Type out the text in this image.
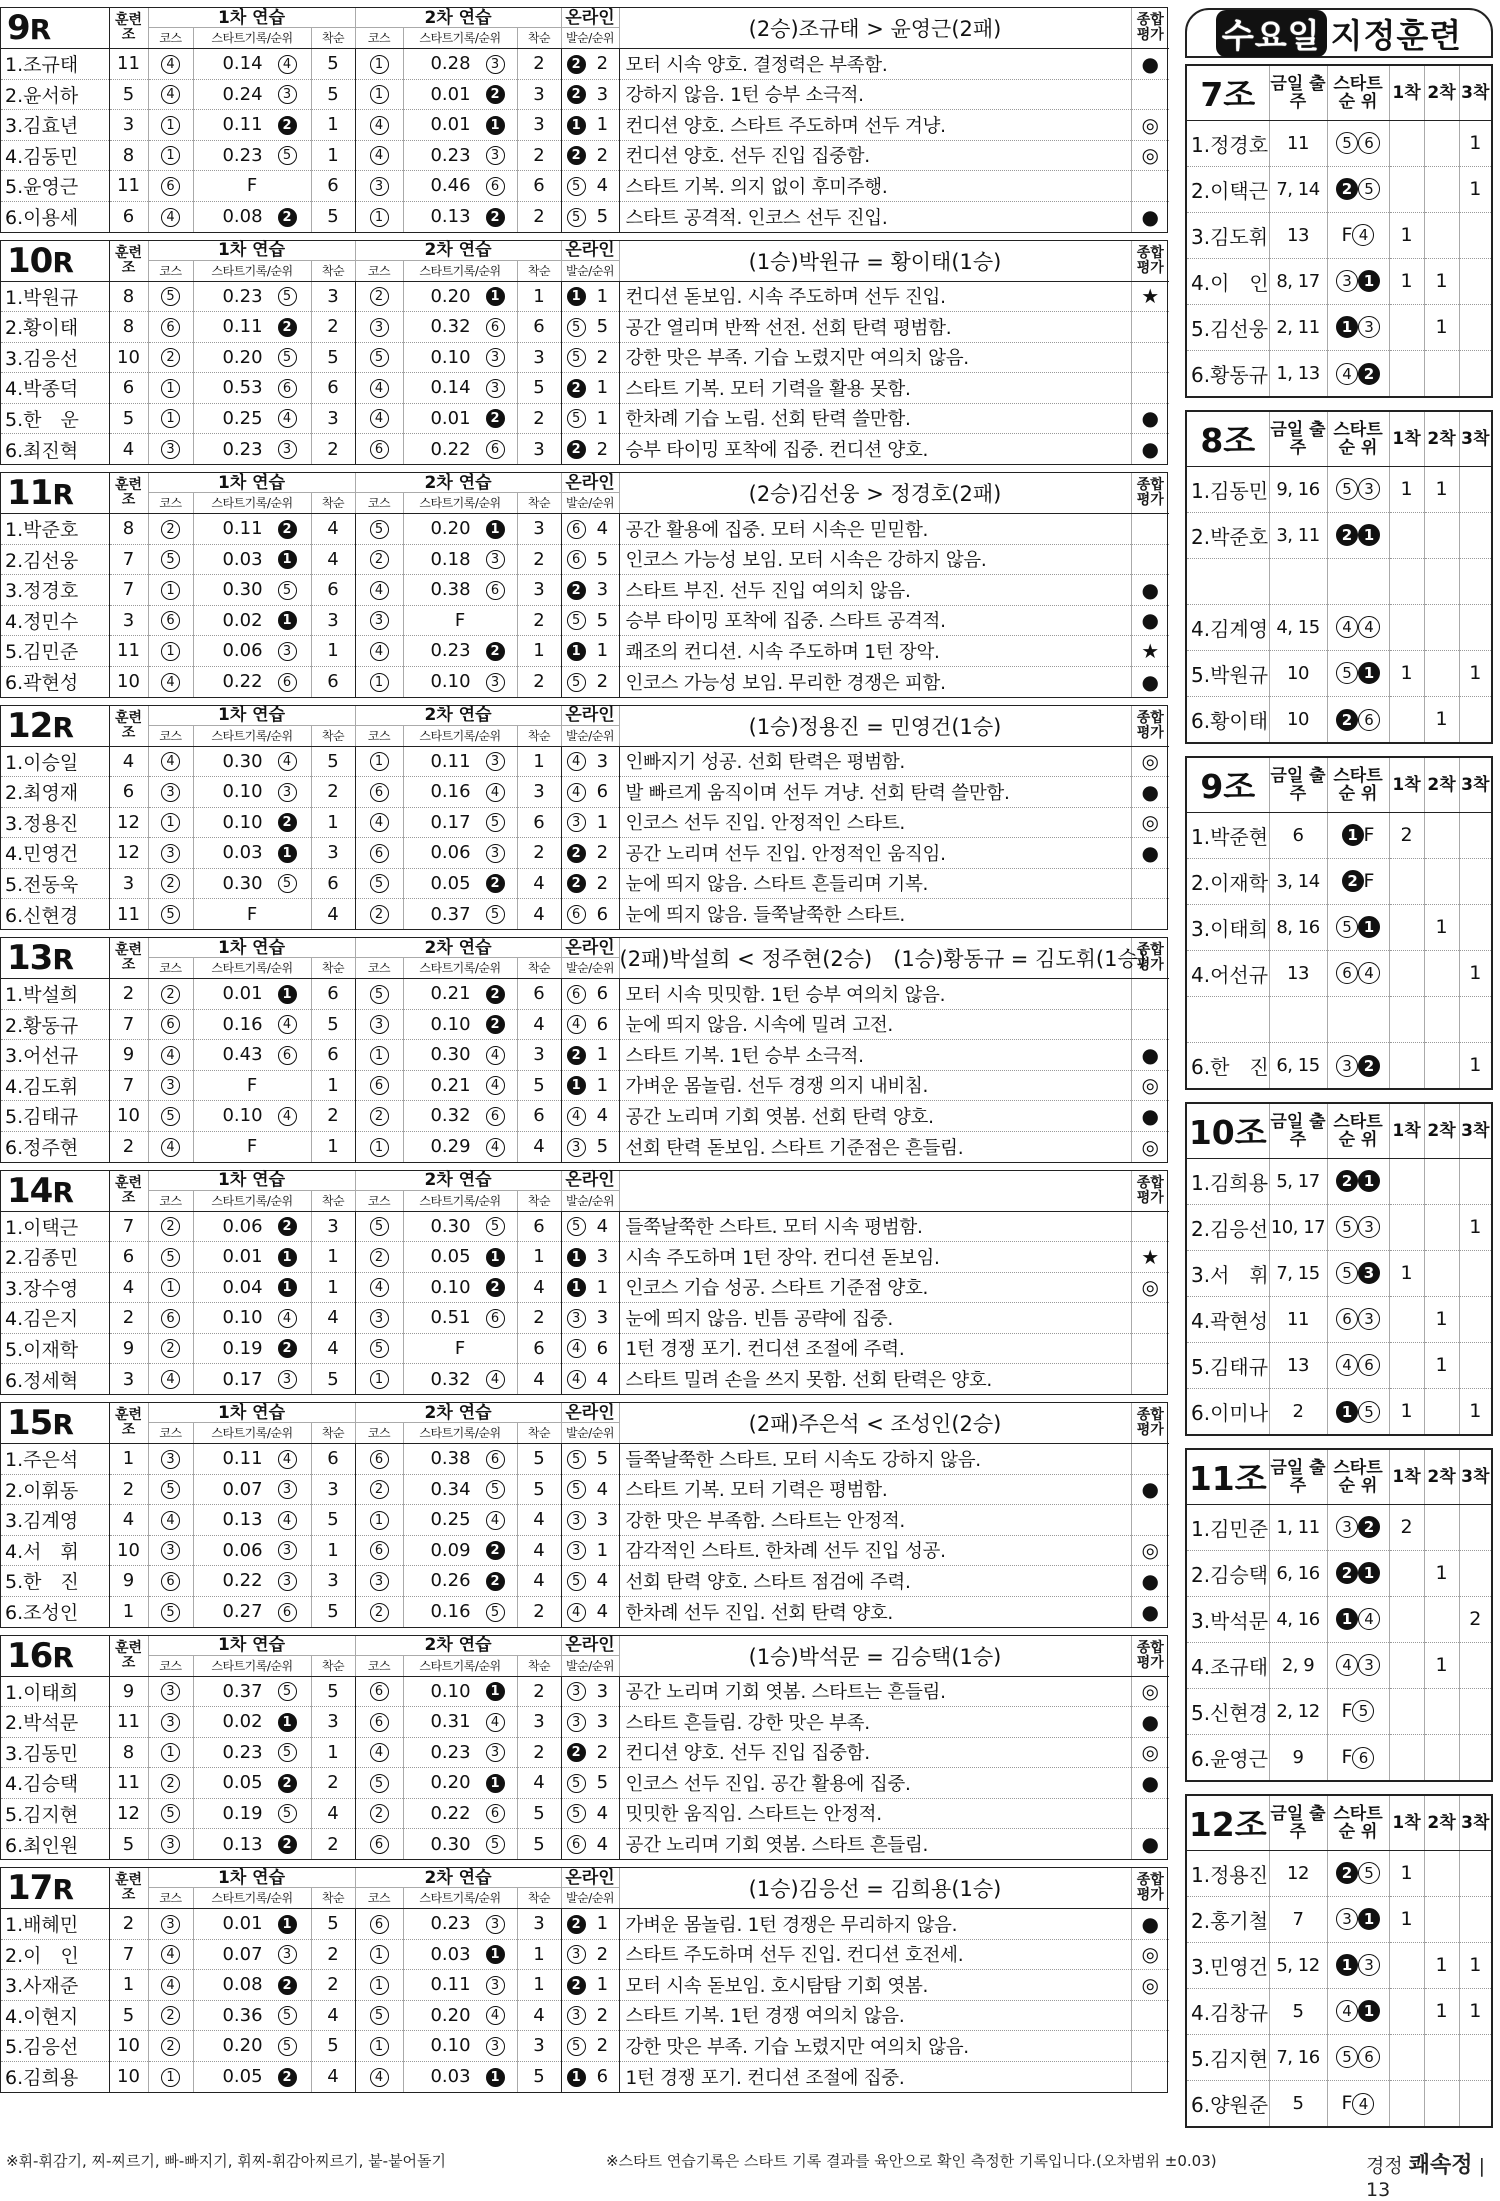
9R	훈련조	1차 연습			2차 연습			온라인	(2승)조규태 > 윤영근(2패)	종합평가
		코스	스타트기록/순위	착순	코스	스타트기록/순위	착순	발순/순위		
1.조규태	11	4	0.14 4	5	1	0.28 3	2	2 2	모터 시속 양호. 결정력은 부족함.	●
2.윤서하	5	4	0.24 3	5	1	0.01 2	3	2 3	강하지 않음. 1턴 승부 소극적.	
3.김효년	3	1	0.11 2	1	4	0.01 1	3	1 1	컨디션 양호. 스타트 주도하며 선두 겨냥.	◎
4.김동민	8	1	0.23 5	1	4	0.23 3	2	2 2	컨디션 양호. 선두 진입 집중함.	◎
5.윤영근	11	6	F	6	3	0.46 6	6	5 4	스타트 기복. 의지 없이 후미주행.	
6.이용세	6	4	0.08 2	5	1	0.13 2	2	5 5	스타트 공격적. 인코스 선두 진입.	●
10R	훈련조	1차 연습			2차 연습			온라인	(1승)박원규 = 황이태(1승)	종합평가
		코스	스타트기록/순위	착순	코스	스타트기록/순위	착순	발순/순위		
1.박원규	8	5	0.23 5	3	2	0.20 1	1	1 1	컨디션 돋보임. 시속 주도하며 선두 진입.	★
2.황이태	8	6	0.11 2	2	3	0.32 6	6	5 5	공간 열리며 반짝 선전. 선회 탄력 평범함.	
3.김응선	10	2	0.20 5	5	5	0.10 3	3	5 2	강한 맛은 부족. 기습 노렸지만 여의치 않음.	
4.박종덕	6	1	0.53 6	6	4	0.14 3	5	2 1	스타트 기복. 모터 기력을 활용 못함.	
5.한　운	5	1	0.25 4	3	4	0.01 2	2	5 1	한차례 기습 노림. 선회 탄력 쓸만함.	●
6.최진혁	4	3	0.23 3	2	6	0.22 6	3	2 2	승부 타이밍 포착에 집중. 컨디션 양호.	●
11R	훈련조	1차 연습			2차 연습			온라인	(2승)김선웅 > 정경호(2패)	종합평가
		코스	스타트기록/순위	착순	코스	스타트기록/순위	착순	발순/순위		
1.박준호	8	2	0.11 2	4	5	0.20 1	3	6 4	공간 활용에 집중. 모터 시속은 믿믿함.	
2.김선웅	7	5	0.03 1	4	2	0.18 3	2	6 5	인코스 가능성 보임. 모터 시속은 강하지 않음.	
3.정경호	7	1	0.30 5	6	4	0.38 6	3	2 3	스타트 부진. 선두 진입 여의치 않음.	●
4.정민수	3	6	0.02 1	3	3	F	2	5 5	승부 타이밍 포착에 집중. 스타트 공격적.	●
5.김민준	11	1	0.06 3	1	4	0.23 2	1	1 1	쾌조의 컨디션. 시속 주도하며 1턴 장악.	★
6.곽현성	10	4	0.22 6	6	1	0.10 3	2	5 2	인코스 가능성 보임. 무리한 경쟁은 피함.	●
12R	훈련조	1차 연습			2차 연습			온라인	(1승)정용진 = 민영건(1승)	종합평가
		코스	스타트기록/순위	착순	코스	스타트기록/순위	착순	발순/순위		
1.이승일	4	4	0.30 4	5	1	0.11 3	1	4 3	인빠지기 성공. 선회 탄력은 평범함.	◎
2.최영재	6	3	0.10 3	2	6	0.16 4	3	4 6	발 빠르게 움직이며 선두 겨냥. 선회 탄력 쓸만함.	●
3.정용진	12	1	0.10 2	1	4	0.17 5	6	3 1	인코스 선두 진입. 안정적인 스타트.	◎
4.민영건	12	3	0.03 1	3	6	0.06 3	2	2 2	공간 노리며 선두 진입. 안정적인 움직임.	●
5.전동욱	3	2	0.30 5	6	5	0.05 2	4	2 2	눈에 띄지 않음. 스타트 흔들리며 기복.	
6.신현경	11	5	F	4	2	0.37 5	4	6 6	눈에 띄지 않음. 들쭉날쭉한 스타트.	
13R	훈련조	1차 연습			2차 연습			온라인	(2패)박설희 < 정주현(2승)　(1승)황동규 = 김도휘(1승)	종합평가
		코스	스타트기록/순위	착순	코스	스타트기록/순위	착순	발순/순위		
1.박설희	2	2	0.01 1	6	5	0.21 2	6	6 6	모터 시속 밋밋함. 1턴 승부 여의치 않음.	
2.황동규	7	6	0.16 4	5	3	0.10 2	4	4 6	눈에 띄지 않음. 시속에 밀려 고전.	
3.어선규	9	4	0.43 6	6	1	0.30 4	3	2 1	스타트 기복. 1턴 승부 소극적.	●
4.김도휘	7	3	F	1	6	0.21 4	5	1 1	가벼운 몸놀림. 선두 경쟁 의지 내비침.	◎
5.김태규	10	5	0.10 4	2	2	0.32 6	6	4 4	공간 노리며 기회 엿봄. 선회 탄력 양호.	●
6.정주현	2	4	F	1	1	0.29 4	4	3 5	선회 탄력 돋보임. 스타트 기준점은 흔들림.	◎
14R	훈련조	1차 연습			2차 연습			온라인		종합평가
		코스	스타트기록/순위	착순	코스	스타트기록/순위	착순	발순/순위		
1.이택근	7	2	0.06 2	3	5	0.30 5	6	5 4	들쭉날쭉한 스타트. 모터 시속 평범함.	
2.김종민	6	5	0.01 1	1	2	0.05 1	1	1 3	시속 주도하며 1턴 장악. 컨디션 돋보임.	★
3.장수영	4	1	0.04 1	1	4	0.10 2	4	1 1	인코스 기습 성공. 스타트 기준점 양호.	◎
4.김은지	2	6	0.10 4	4	3	0.51 6	2	3 3	눈에 띄지 않음. 빈틈 공략에 집중.	
5.이재학	9	2	0.19 2	4	5	F	6	4 6	1턴 경쟁 포기. 컨디션 조절에 주력.	
6.정세혁	3	4	0.17 3	5	1	0.32 4	4	4 4	스타트 밀려 손을 쓰지 못함. 선회 탄력은 양호.	
15R	훈련조	1차 연습			2차 연습			온라인	(2패)주은석 < 조성인(2승)	종합평가
		코스	스타트기록/순위	착순	코스	스타트기록/순위	착순	발순/순위		
1.주은석	1	3	0.11 4	6	6	0.38 6	5	5 5	들쭉날쭉한 스타트. 모터 시속도 강하지 않음.	
2.이휘동	2	5	0.07 3	3	2	0.34 5	5	5 4	스타트 기복. 모터 기력은 평범함.	●
3.김계영	4	4	0.13 4	5	1	0.25 4	4	3 3	강한 맛은 부족함. 스타트는 안정적.	
4.서　휘	10	3	0.06 3	1	6	0.09 2	4	3 1	감각적인 스타트. 한차례 선두 진입 성공.	◎
5.한　진	9	6	0.22 3	3	3	0.26 2	4	5 4	선회 탄력 양호. 스타트 점검에 주력.	●
6.조성인	1	5	0.27 6	5	2	0.16 5	2	4 4	한차례 선두 진입. 선회 탄력 양호.	●
16R	훈련조	1차 연습			2차 연습			온라인	(1승)박석문 = 김승택(1승)	종합평가
		코스	스타트기록/순위	착순	코스	스타트기록/순위	착순	발순/순위		
1.이태희	9	3	0.37 5	5	6	0.10 1	2	3 3	공간 노리며 기회 엿봄. 스타트는 흔들림.	◎
2.박석문	11	3	0.02 1	3	6	0.31 4	3	3 3	스타트 흔들림. 강한 맛은 부족.	●
3.김동민	8	1	0.23 5	1	4	0.23 3	2	2 2	컨디션 양호. 선두 진입 집중함.	◎
4.김승택	11	2	0.05 2	2	5	0.20 1	4	5 5	인코스 선두 진입. 공간 활용에 집중.	●
5.김지현	12	5	0.19 5	4	2	0.22 6	5	5 4	밋밋한 움직임. 스타트는 안정적.	
6.최인원	5	3	0.13 2	2	6	0.30 5	5	6 4	공간 노리며 기회 엿봄. 스타트 흔들림.	●
17R	훈련조	1차 연습			2차 연습			온라인	(1승)김응선 = 김희용(1승)	종합평가
		코스	스타트기록/순위	착순	코스	스타트기록/순위	착순	발순/순위		
1.배혜민	2	3	0.01 1	5	6	0.23 3	3	2 1	가벼운 몸놀림. 1턴 경쟁은 무리하지 않음.	●
2.이　인	7	4	0.07 3	2	1	0.03 1	1	3 2	스타트 주도하며 선두 진입. 컨디션 호전세.	◎
3.사재준	1	4	0.08 2	2	1	0.11 3	1	2 1	모터 시속 돋보임. 호시탐탐 기회 엿봄.	◎
4.이현지	5	2	0.36 5	4	5	0.20 4	4	3 2	스타트 기복. 1턴 경쟁 여의치 않음.	
5.김응선	10	2	0.20 5	5	1	0.10 3	3	5 2	강한 맛은 부족. 기습 노렸지만 여의치 않음.	
6.김희용	10	1	0.05 2	4	4	0.03 1	5	1 6	1턴 경쟁 포기. 컨디션 조절에 집중.	
수요일 지정훈련
7조	금일 출주	스타트 순 위	1착	2착	3착
1.정경호	11	5 6			1
2.이택근	7, 14	2 5			1
3.김도휘	13	F 4	1		
4.이　인	8, 17	3 1	1	1	
5.김선웅	2, 11	1 3		1	
6.황동규	1, 13	4 2			
8조	금일 출주	스타트 순 위	1착	2착	3착
1.김동민	9, 16	5 3	1	1	
2.박준호	3, 11	2 1			

4.김계영	4, 15	4 4			
5.박원규	10	5 1	1		1
6.황이태	10	2 6		1	
9조	금일 출주	스타트 순 위	1착	2착	3착
1.박준현	6	1 F	2		
2.이재학	3, 14	2 F			
3.이태희	8, 16	5 1		1	
4.어선규	13	6 4			1

6.한　진	6, 15	3 2			1
10조	금일 출주	스타트 순 위	1착	2착	3착
1.김희용	5, 17	2 1			
2.김응선	10, 17	5 3			1
3.서　휘	7, 15	5 3	1		
4.곽현성	11	6 3		1	
5.김태규	13	4 6		1	
6.이미나	2	1 5	1		1
11조	금일 출주	스타트 순 위	1착	2착	3착
1.김민준	1, 11	3 2	2		
2.김승택	6, 16	2 1		1	
3.박석문	4, 16	1 4			2
4.조규태	2, 9	4 3		1	
5.신현경	2, 12	F 5			
6.윤영근	9	F 6			
12조	금일 출주	스타트 순 위	1착	2착	3착
1.정용진	12	2 5	1		
2.홍기철	7	3 1	1		
3.민영건	5, 12	1 3		1	1
4.김창규	5	4 1		1	1
5.김지현	7, 16	5 6			
6.양원준	5	F 4			
※휘-휘감기, 찌-찌르기, 빠-빠지기, 휘찌-휘감아찌르기, 붙-붙어돌기	※스타트 연습기록은 스타트 기록 결과를 육안으로 확인 측정한 기록입니다.(오차범위 ±0.03)	경정 쾌속정 | 13
